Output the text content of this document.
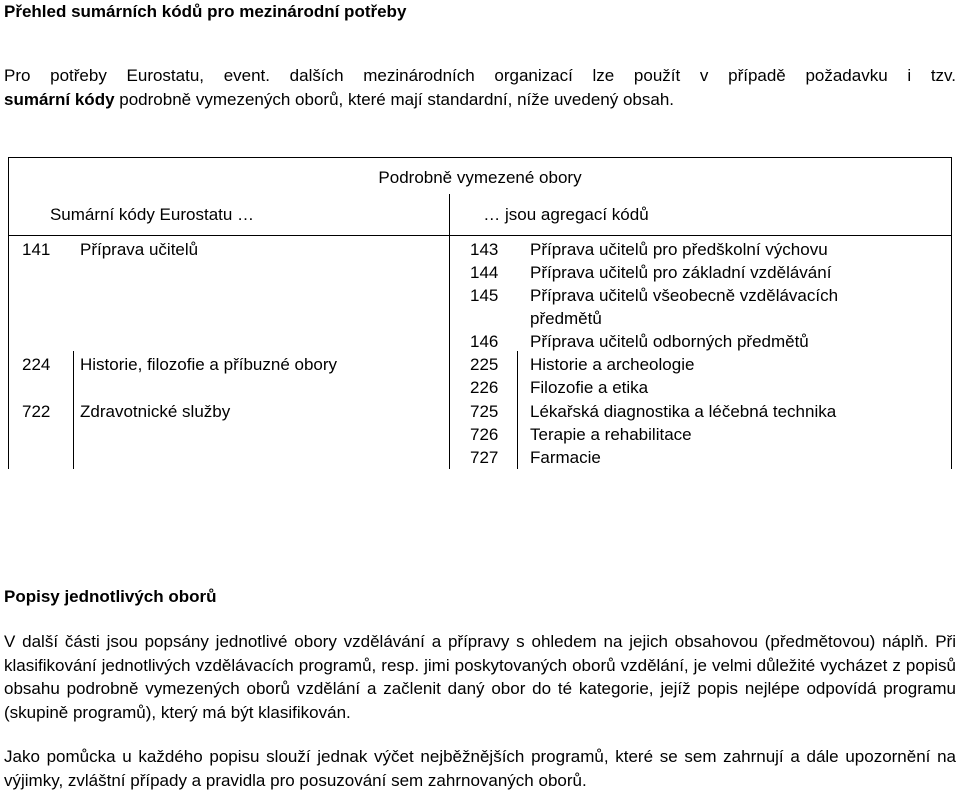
Přehled sumárních kódů pro mezinárodní potřeby
Pro potřeby Eurostatu, event. dalších mezinárodních organizací lze použít v případě požadavku i tzv.
sumární kódy podrobně vymezených oborů, které mají standardní, níže uvedený obsah.
Podrobně vymezené obory
Sumární kódy Eurostatu …	… jsou agregací kódů
141 Příprava učitelů	143 Příprava učitelů pro předškolní výchovu
144 Příprava učitelů pro základní vzdělávání
145 Příprava učitelů všeobecně vzdělávacích
předmětů
146 Příprava učitelů odborných předmětů
224 Historie, filozofie a příbuzné obory	225 Historie a archeologie
226 Filozofie a etika
722 Zdravotnické služby	725 Lékařská diagnostika a léčebná technika
726 Terapie a rehabilitace
727 Farmacie
Popisy jednotlivých oborů
V další části jsou popsány jednotlivé obory vzdělávání a přípravy s ohledem na jejich obsahovou (předmětovou) náplň. Při klasifikování jednotlivých vzdělávacích programů, resp. jimi poskytovaných oborů vzdělání, je velmi důležité vycházet z popisů obsahu podrobně vymezených oborů vzdělání a začlenit daný obor do té kategorie, jejíž popis nejlépe odpovídá programu (skupině programů), který má být klasifikován.
Jako pomůcka u každého popisu slouží jednak výčet nejběžnějších programů, které se sem zahrnují a dále upozornění na výjimky, zvláštní případy a pravidla pro posuzování sem zahrnovaných oborů.
